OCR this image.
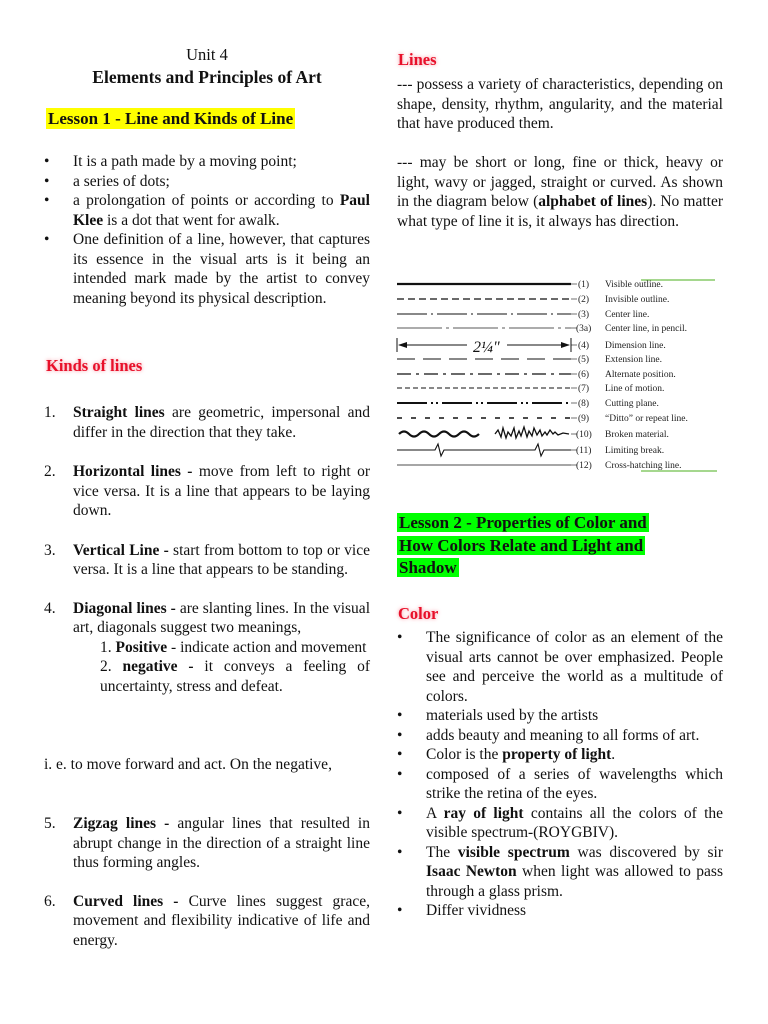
Unit 4

Elements and Principles of Art

Lesson 1 - Line and Kinds of Line
• It is a path made by a moving point;
• a series of dots;
• a prolongation of points or according to Paul Klee is a dot that went for awalk.
• One definition of a line, however, that captures its essence in the visual arts is it being an intended mark made by the artist to convey meaning beyond its physical description.
Kinds of lines
1. Straight lines are geometric, impersonal and differ in the direction that they take.
2. Horizontal lines - move from left to right or vice versa. It is a line that appears to be laying down.
3. Vertical Line - start from bottom to top or vice versa. It is a line that appears to be standing.
4. Diagonal lines - are slanting lines. In the visual art, diagonals suggest two meanings,
1. Positive - indicate action and movement
2. negative - it conveys a feeling of uncertainty, stress and defeat.

i. e. to move forward and act. On the negative,

5. Zigzag lines - angular lines that resulted in abrupt change in the direction of a straight line thus forming angles.
6. Curved lines - Curve lines suggest grace, movement and flexibility indicative of life and energy.
Lines

--- possess a variety of characteristics, depending on shape, density, rhythm, angularity, and the material that have produced them.

--- may be short or long, fine or thick, heavy or light, wavy or jagged, straight or curved. As shown in the diagram below (alphabet of lines). No matter what type of line it is, it always has direction.

2¼"
(1) Visible outline.
(2) Invisible outline.
(3) Center line.
(3a) Center line, in pencil.
(4) Dimension line.
(5) Extension line.
(6) Alternate position.
(7) Line of motion.
(8) Cutting plane.
(9) “Ditto” or repeat line.
(10) Broken material.
(11) Limiting break.
(12) Cross-hatching line.
Lesson 2 - Properties of Color and
How Colors Relate and Light and
Shadow
Color
• The significance of color as an element of the visual arts cannot be over emphasized. People see and perceive the world as a multitude of colors.
• materials used by the artists
• adds beauty and meaning to all forms of art.
• Color is the property of light.
• composed of a series of wavelengths which strike the retina of the eyes.
• A ray of light contains all the colors of the visible spectrum-(ROYGBIV).
• The visible spectrum was discovered by sir Isaac Newton when light was allowed to pass through a glass prism.
• Differ vividness
